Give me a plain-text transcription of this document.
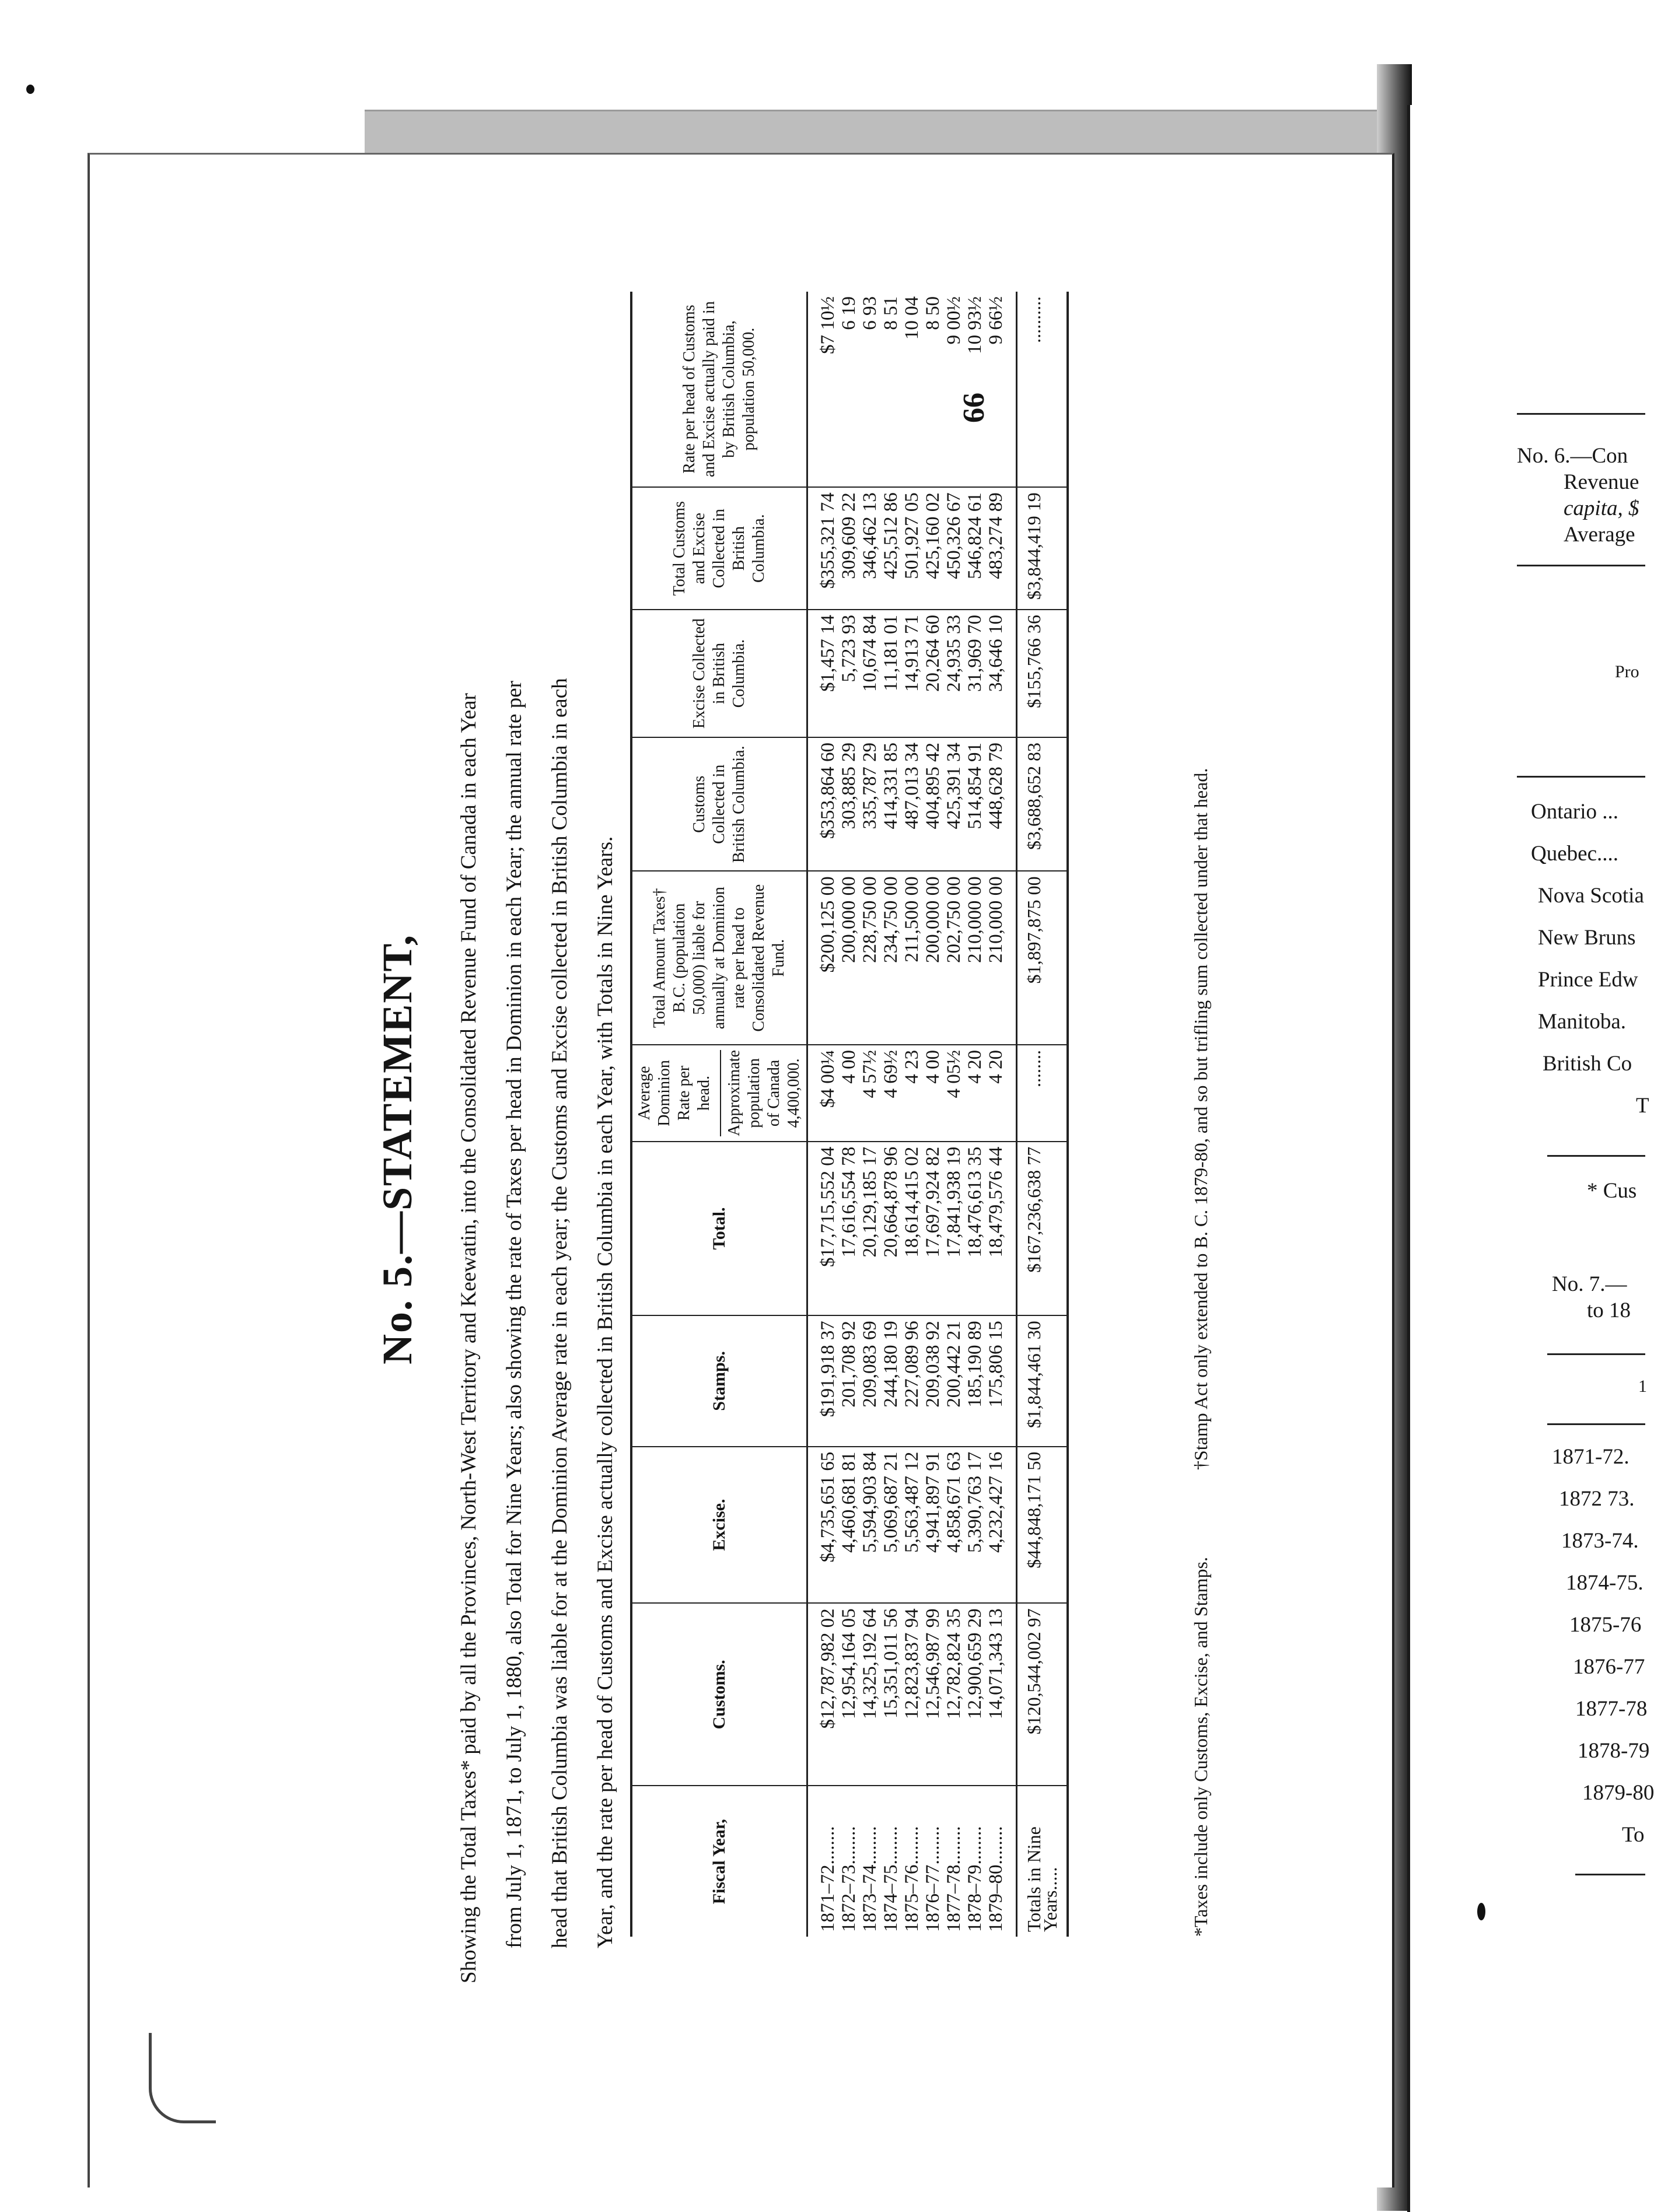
66
No. 5.—STATEMENT, Showing the Total Taxes* paid by all the Provinces, North-West Territory and Keewatin, into the Consolidated Revenue Fund of Canada in each Year from July 1, 1871, to July 1, 1880, also Total for Nine Years; also showing the rate of Taxes per head in Dominion in each Year; the annual rate per head that British Columbia was liable for at the Dominion Average rate in each year; the Customs and Excise collected in British Columbia in each Year, and the rate per head of Customs and Excise actually collected in British Columbia in each Year, with Totals in Nine Years.	Fiscal Year,	Customs.	Excise.	Stamps.	Total.	Average Dominion Rate per head. Approximate population of Canada 4,400,000.	Total Amount Taxes† B.C. (population 50,000) liable for annually at Dominion rate per head to Consolidated Revenue Fund.	Customs Collected in British Columbia.	Excise Collected in British Columbia.	Total Customs and Excise Collected in British Columbia.	Rate per head of Customs and Excise actually paid in by British Columbia, population 50,000.
1871–72........	$12,787,982 02	$4,735,651 65	$191,918 37	$17,715,552 04	$4 00¼	$200,125 00	$353,864 60	$1,457 14	$355,321 74	$7 10½
1872–73........	12,954,164 05	4,460,681 81	201,708 92	17,616,554 78	4 00	200,000 00	303,885 29	5,723 93	309,609 22	6 19
1873–74........	14,325,192 64	5,594,903 84	209,083 69	20,129,185 17	4 57½	228,750 00	335,787 29	10,674 84	346,462 13	6 93
1874–75........	15,351,011 56	5,069,687 21	244,180 19	20,664,878 96	4 69½	234,750 00	414,331 85	11,181 01	425,512 86	8 51
1875–76........	12,823,837 94	5,563,487 12	227,089 96	18,614,415 02	4 23	211,500 00	487,013 34	14,913 71	501,927 05	10 04
1876–77........	12,546,987 99	4,941,897 91	209,038 92	17,697,924 82	4 00	200,000 00	404,895 42	20,264 60	425,160 02	8 50
1877–78........	12,782,824 35	4,858,671 63	200,442 21	17,841,938 19	4 05½	202,750 00	425,391 34	24,935 33	450,326 67	9 00½
1878–79........	12,900,659 29	5,390,763 17	185,190 89	18,476,613 35	4 20	210,000 00	514,854 91	31,969 70	546,824 61	10 93½
1879–80........	14,071,343 13	4,232,427 16	175,806 15	18,479,576 44	4 20	210,000 00	448,628 79	34,646 10	483,274 89	9 66½
Totals in Nine
Years.....	$120,544,002 97	$44,848,171 50	$1,844,461 30	$167,236,638 77	........	$1,897,875 00	$3,688,652 83	$155,766 36	$3,844,419 19	..........
*Taxes include only Customs, Excise, and Stamps.
†Stamp Act only extended to B. C. 1879-80, and so but trifling sum collected under that head.
No. 6.—Con
Revenue
capita, $
Average
Pro
Ontario ...
Quebec....
Nova Scotia
New Bruns
Prince Edw
Manitoba.
British Co
T
* Cus
No. 7.—
to 18
1
1871-72.
1872 73.
1873-74.
1874-75.
1875-76
1876-77
1877-78
1878-79
1879-80
To
